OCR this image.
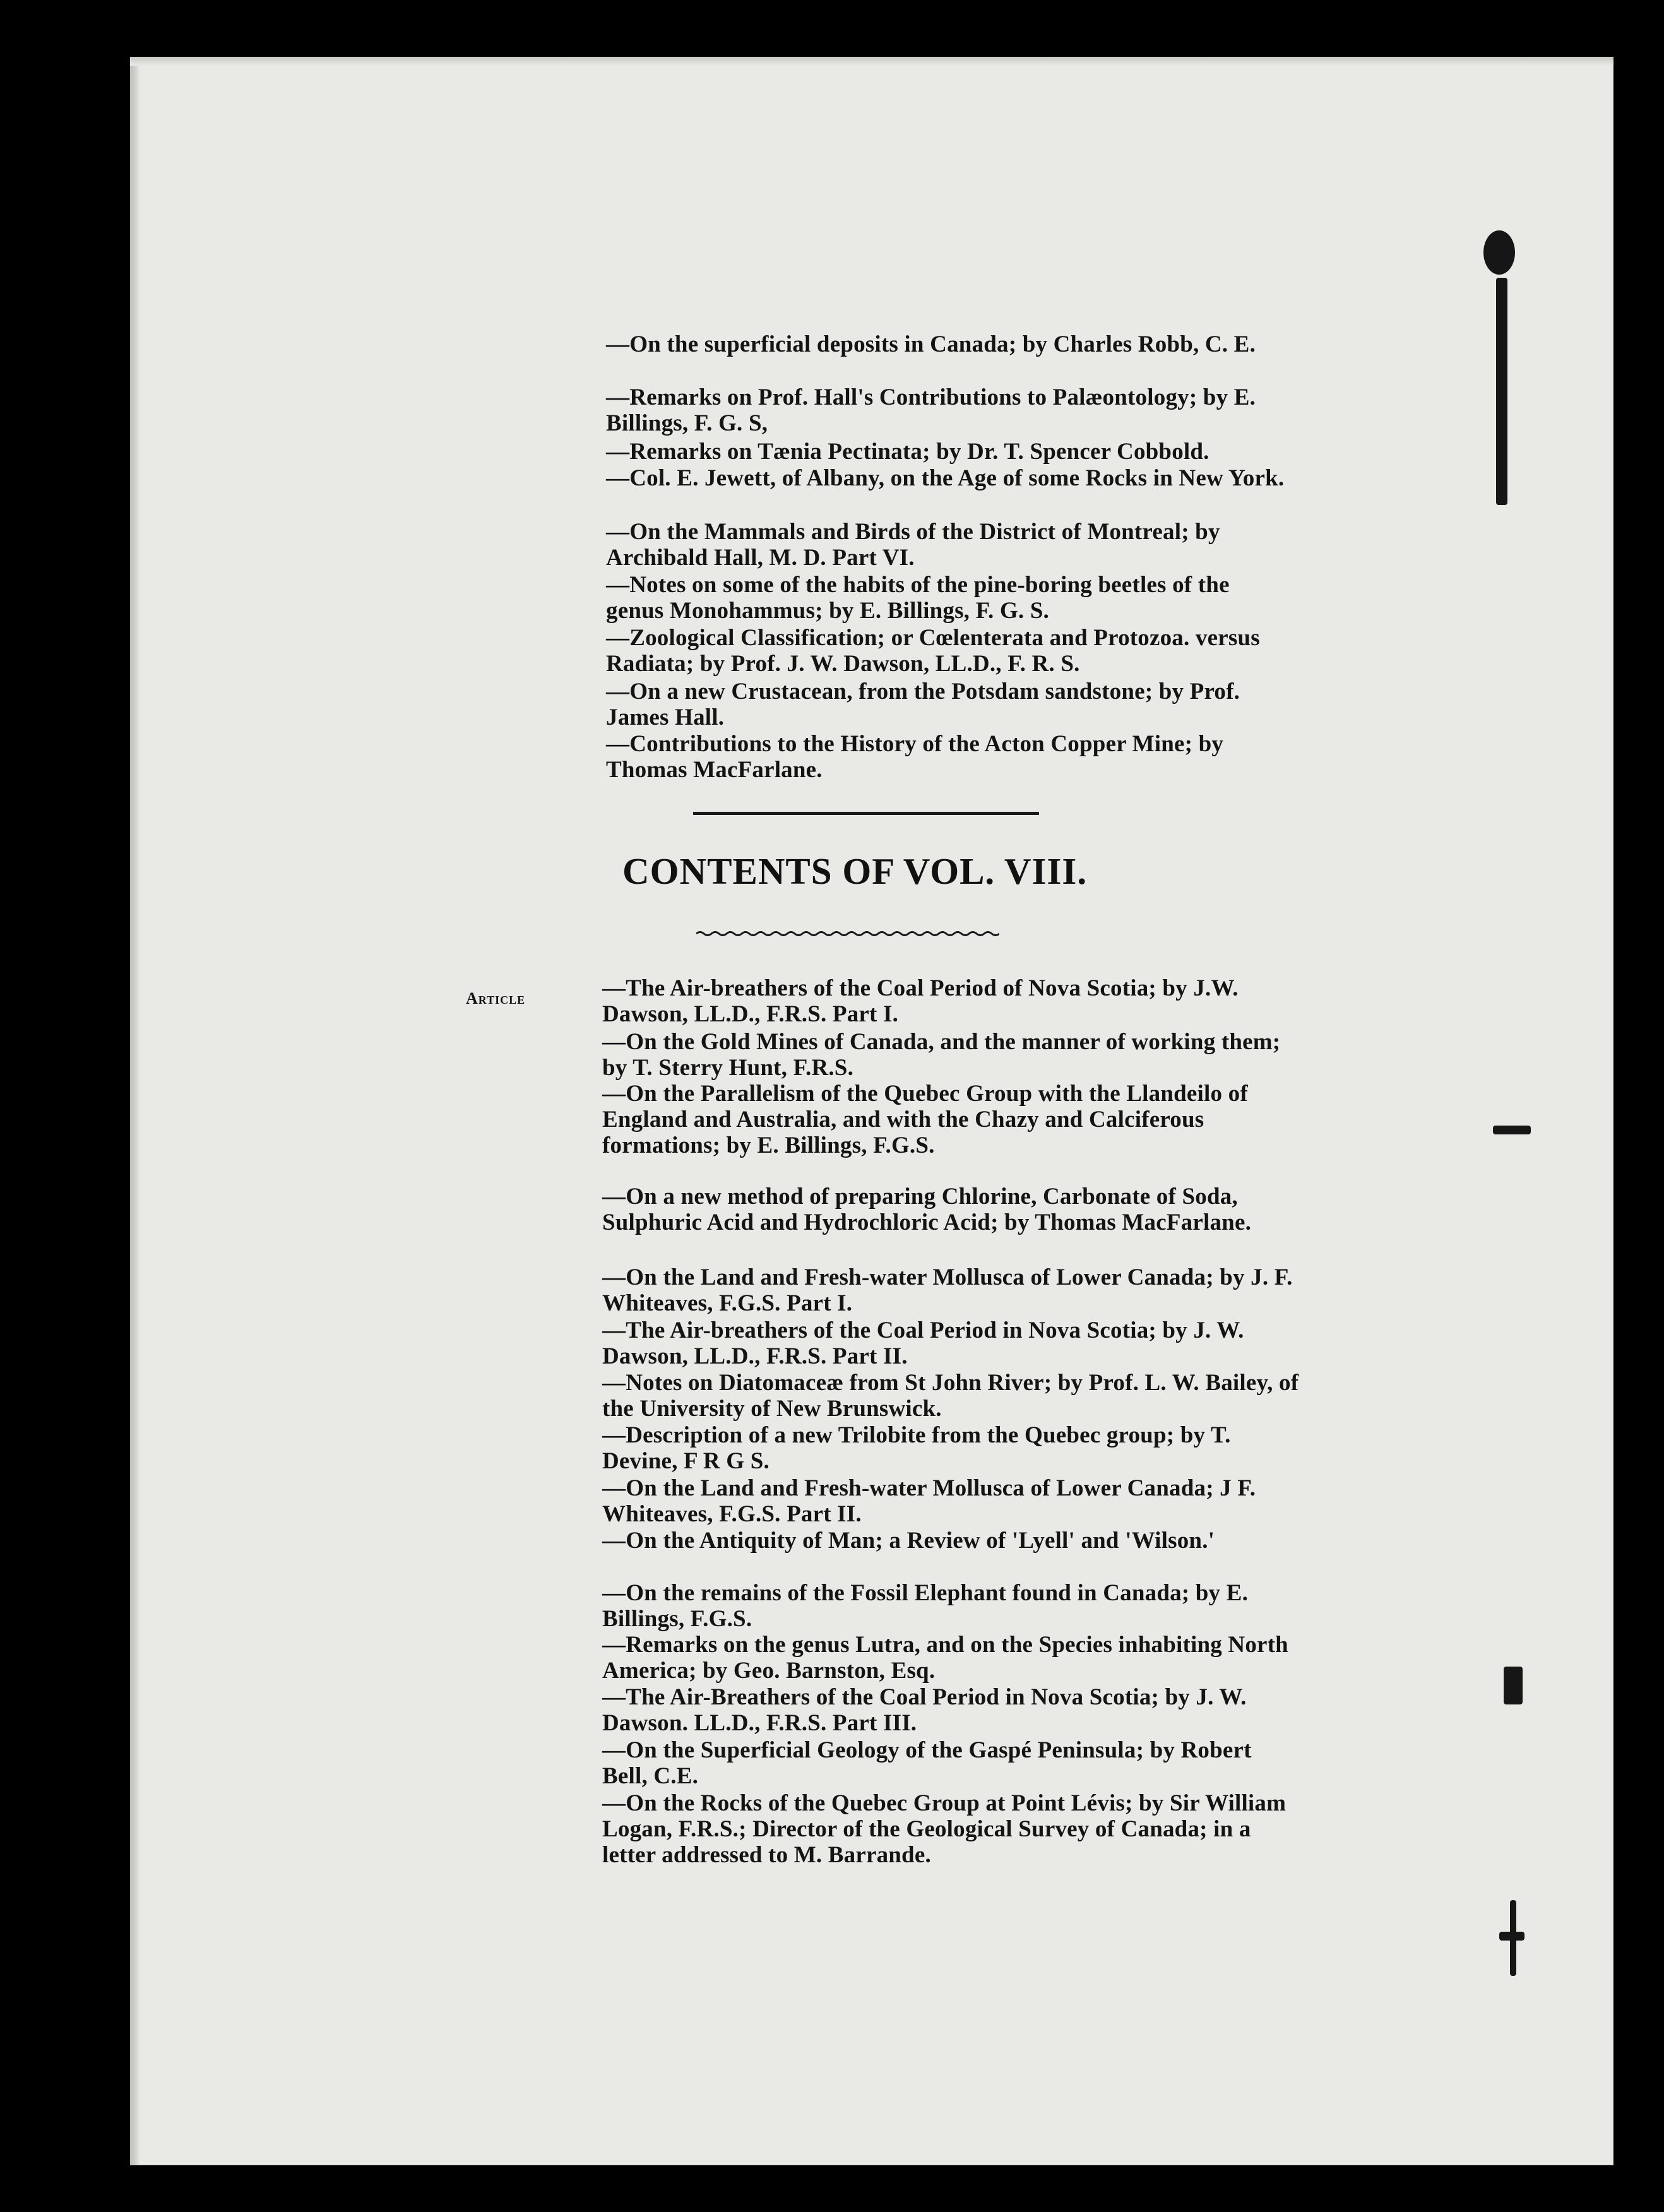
—On the superficial deposits in Canada; by Charles Robb, C. E.
—Remarks on Prof. Hall's Contributions to Palæontology; by E. Billings, F. G. S,
—Remarks on Tænia Pectinata; by Dr. T. Spencer Cobbold.
—Col. E. Jewett, of Albany, on the Age of some Rocks in New York.
—On the Mammals and Birds of the District of Montreal; by Archibald Hall, M. D. Part VI.
—Notes on some of the habits of the pine-boring beetles of the genus Monohammus; by E. Billings, F. G. S.
—Zoological Classification; or Cœlenterata and Protozoa. versus Radiata; by Prof. J. W. Dawson, LL.D., F. R. S.
—On a new Crustacean, from the Potsdam sandstone; by Prof. James Hall.
—Contributions to the History of the Acton Copper Mine; by Thomas MacFarlane.
CONTENTS OF VOL. VIII.
Article	—The Air-breathers of the Coal Period of Nova Scotia; by J.W. Dawson, LL.D., F.R.S. Part I.
—On the Gold Mines of Canada, and the manner of working them; by T. Sterry Hunt, F.R.S.
—On the Parallelism of the Quebec Group with the Llandeilo of England and Australia, and with the Chazy and Calciferous formations; by E. Billings, F.G.S.
—On a new method of preparing Chlorine, Carbonate of Soda, Sulphuric Acid and Hydrochloric Acid; by Thomas MacFarlane.
—On the Land and Fresh-water Mollusca of Lower Canada; by J. F. Whiteaves, F.G.S. Part I.
—The Air-breathers of the Coal Period in Nova Scotia; by J. W. Dawson, LL.D., F.R.S. Part II.
—Notes on Diatomaceæ from St John River; by Prof. L. W. Bailey, of the University of New Brunswick.
—Description of a new Trilobite from the Quebec group; by T. Devine, F R G S.
—On the Land and Fresh-water Mollusca of Lower Canada; J F. Whiteaves, F.G.S. Part II.
—On the Antiquity of Man; a Review of 'Lyell' and 'Wilson.'
—On the remains of the Fossil Elephant found in Canada; by E. Billings, F.G.S.
—Remarks on the genus Lutra, and on the Species inhabiting North America; by Geo. Barnston, Esq.
—The Air-Breathers of the Coal Period in Nova Scotia; by J. W. Dawson. LL.D., F.R.S. Part III.
—On the Superficial Geology of the Gaspé Peninsula; by Robert Bell, C.E.
—On the Rocks of the Quebec Group at Point Lévis; by Sir William Logan, F.R.S.; Director of the Geological Survey of Canada; in a letter addressed to M. Barrande.
